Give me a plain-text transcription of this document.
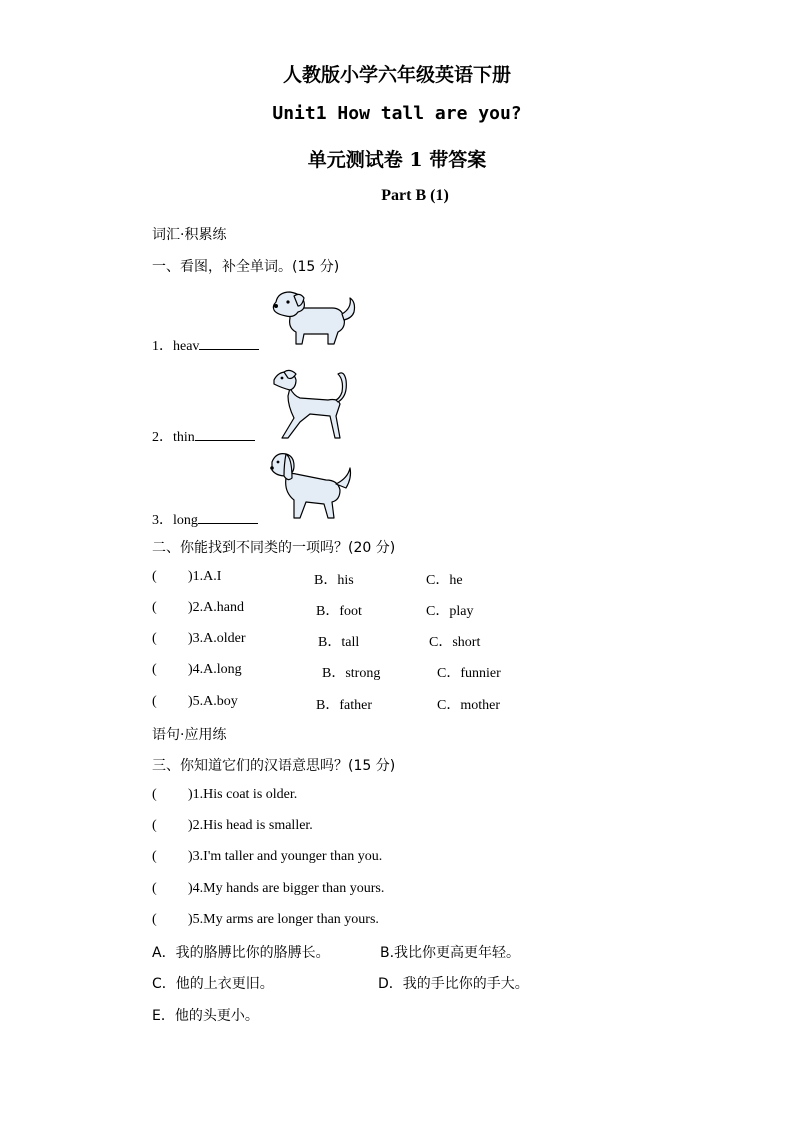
人教版小学六年级英语下册
Unit1 How tall are you?
单元测试卷 1 带答案
Part B (1)
词汇·积累练
一、看图，补全单词。(15 分)
1．heav
2．thin
3．long
二、你能找到不同类的一项吗？(20 分)
( )1.A.I	B．his	C．he
( )2.A.hand	B．foot	C．play
( )3.A.older	B．tall	C．short
( )4.A.long	B．strong	C．funnier
( )5.A.boy	B．father	C．mother
语句·应用练
三、你知道它们的汉语意思吗？(15 分)
( )1.His coat is older.
( )2.His head is smaller.
( )3.I'm taller and younger than you.
( )4.My hands are bigger than yours.
( )5.My arms are longer than yours.
A．我的胳膊比你的胳膊长。	B.我比你更高更年轻。
C．他的上衣更旧。	D．我的手比你的手大。
E．他的头更小。
